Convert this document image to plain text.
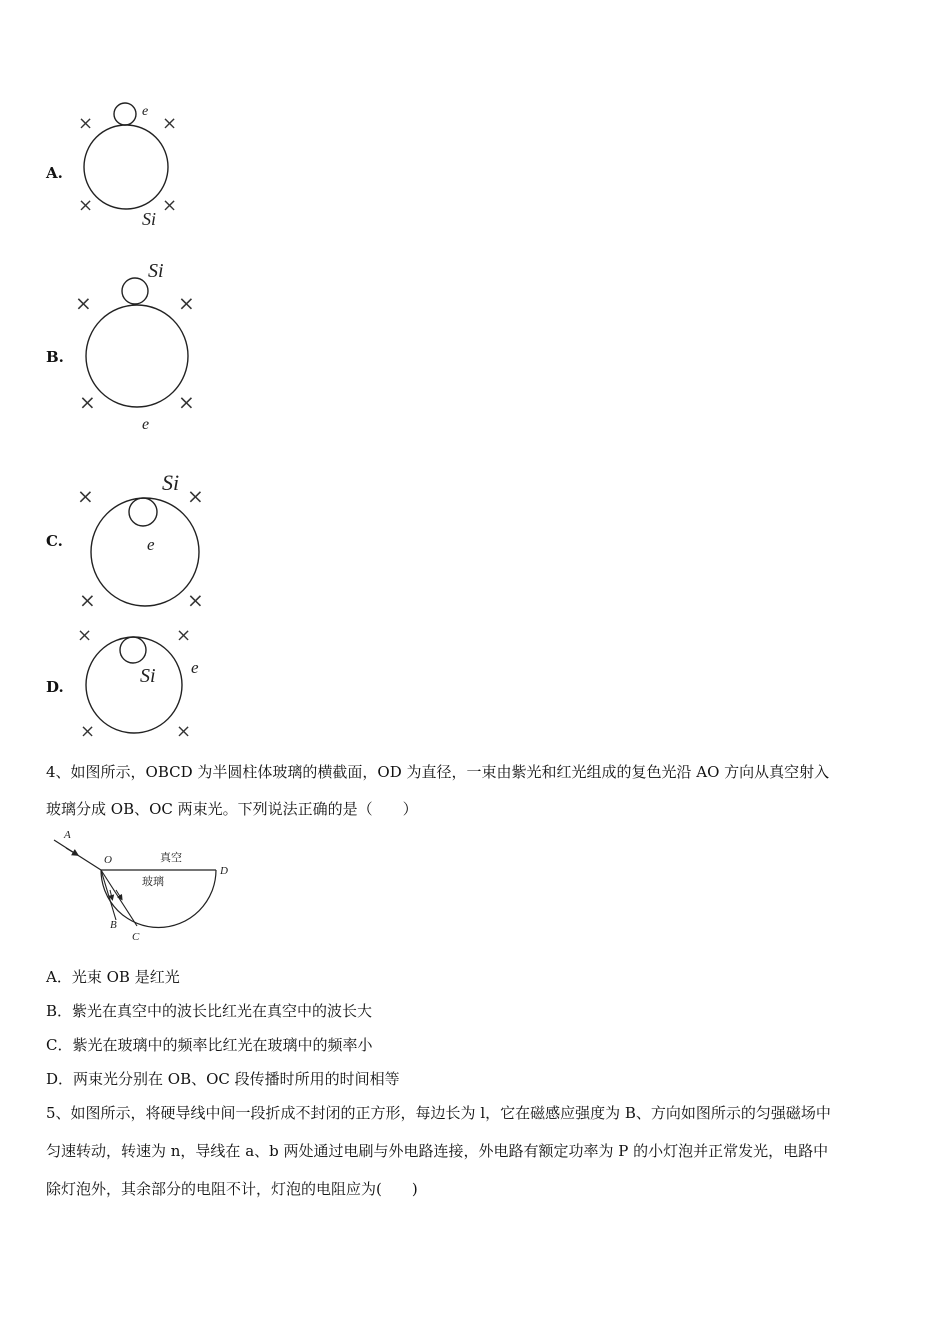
A.
e
Si
×	×
×	×
B.
Si
e
×	×
×	×
C.
Si
e
×	×
×	×
D.	Si e
×	×
×	×
4、如图所示，OBCD 为半圆柱体玻璃的横截面，OD 为直径，一束由紫光和红光组成的复色光沿 AO 方向从真空射入
玻璃分成 OB、OC 两束光。下列说法正确的是（　　）
A
O
D
B
C
真空
玻璃
A．光束 OB 是红光
B．紫光在真空中的波长比红光在真空中的波长大
C．紫光在玻璃中的频率比红光在玻璃中的频率小
D．两束光分别在 OB、OC 段传播时所用的时间相等
5、如图所示，将硬导线中间一段折成不封闭的正方形，每边长为 l，它在磁感应强度为 B、方向如图所示的匀强磁场中
匀速转动，转速为 n，导线在 a、b 两处通过电刷与外电路连接，外电路有额定功率为 P 的小灯泡并正常发光，电路中
除灯泡外，其余部分的电阻不计，灯泡的电阻应为(　　)
